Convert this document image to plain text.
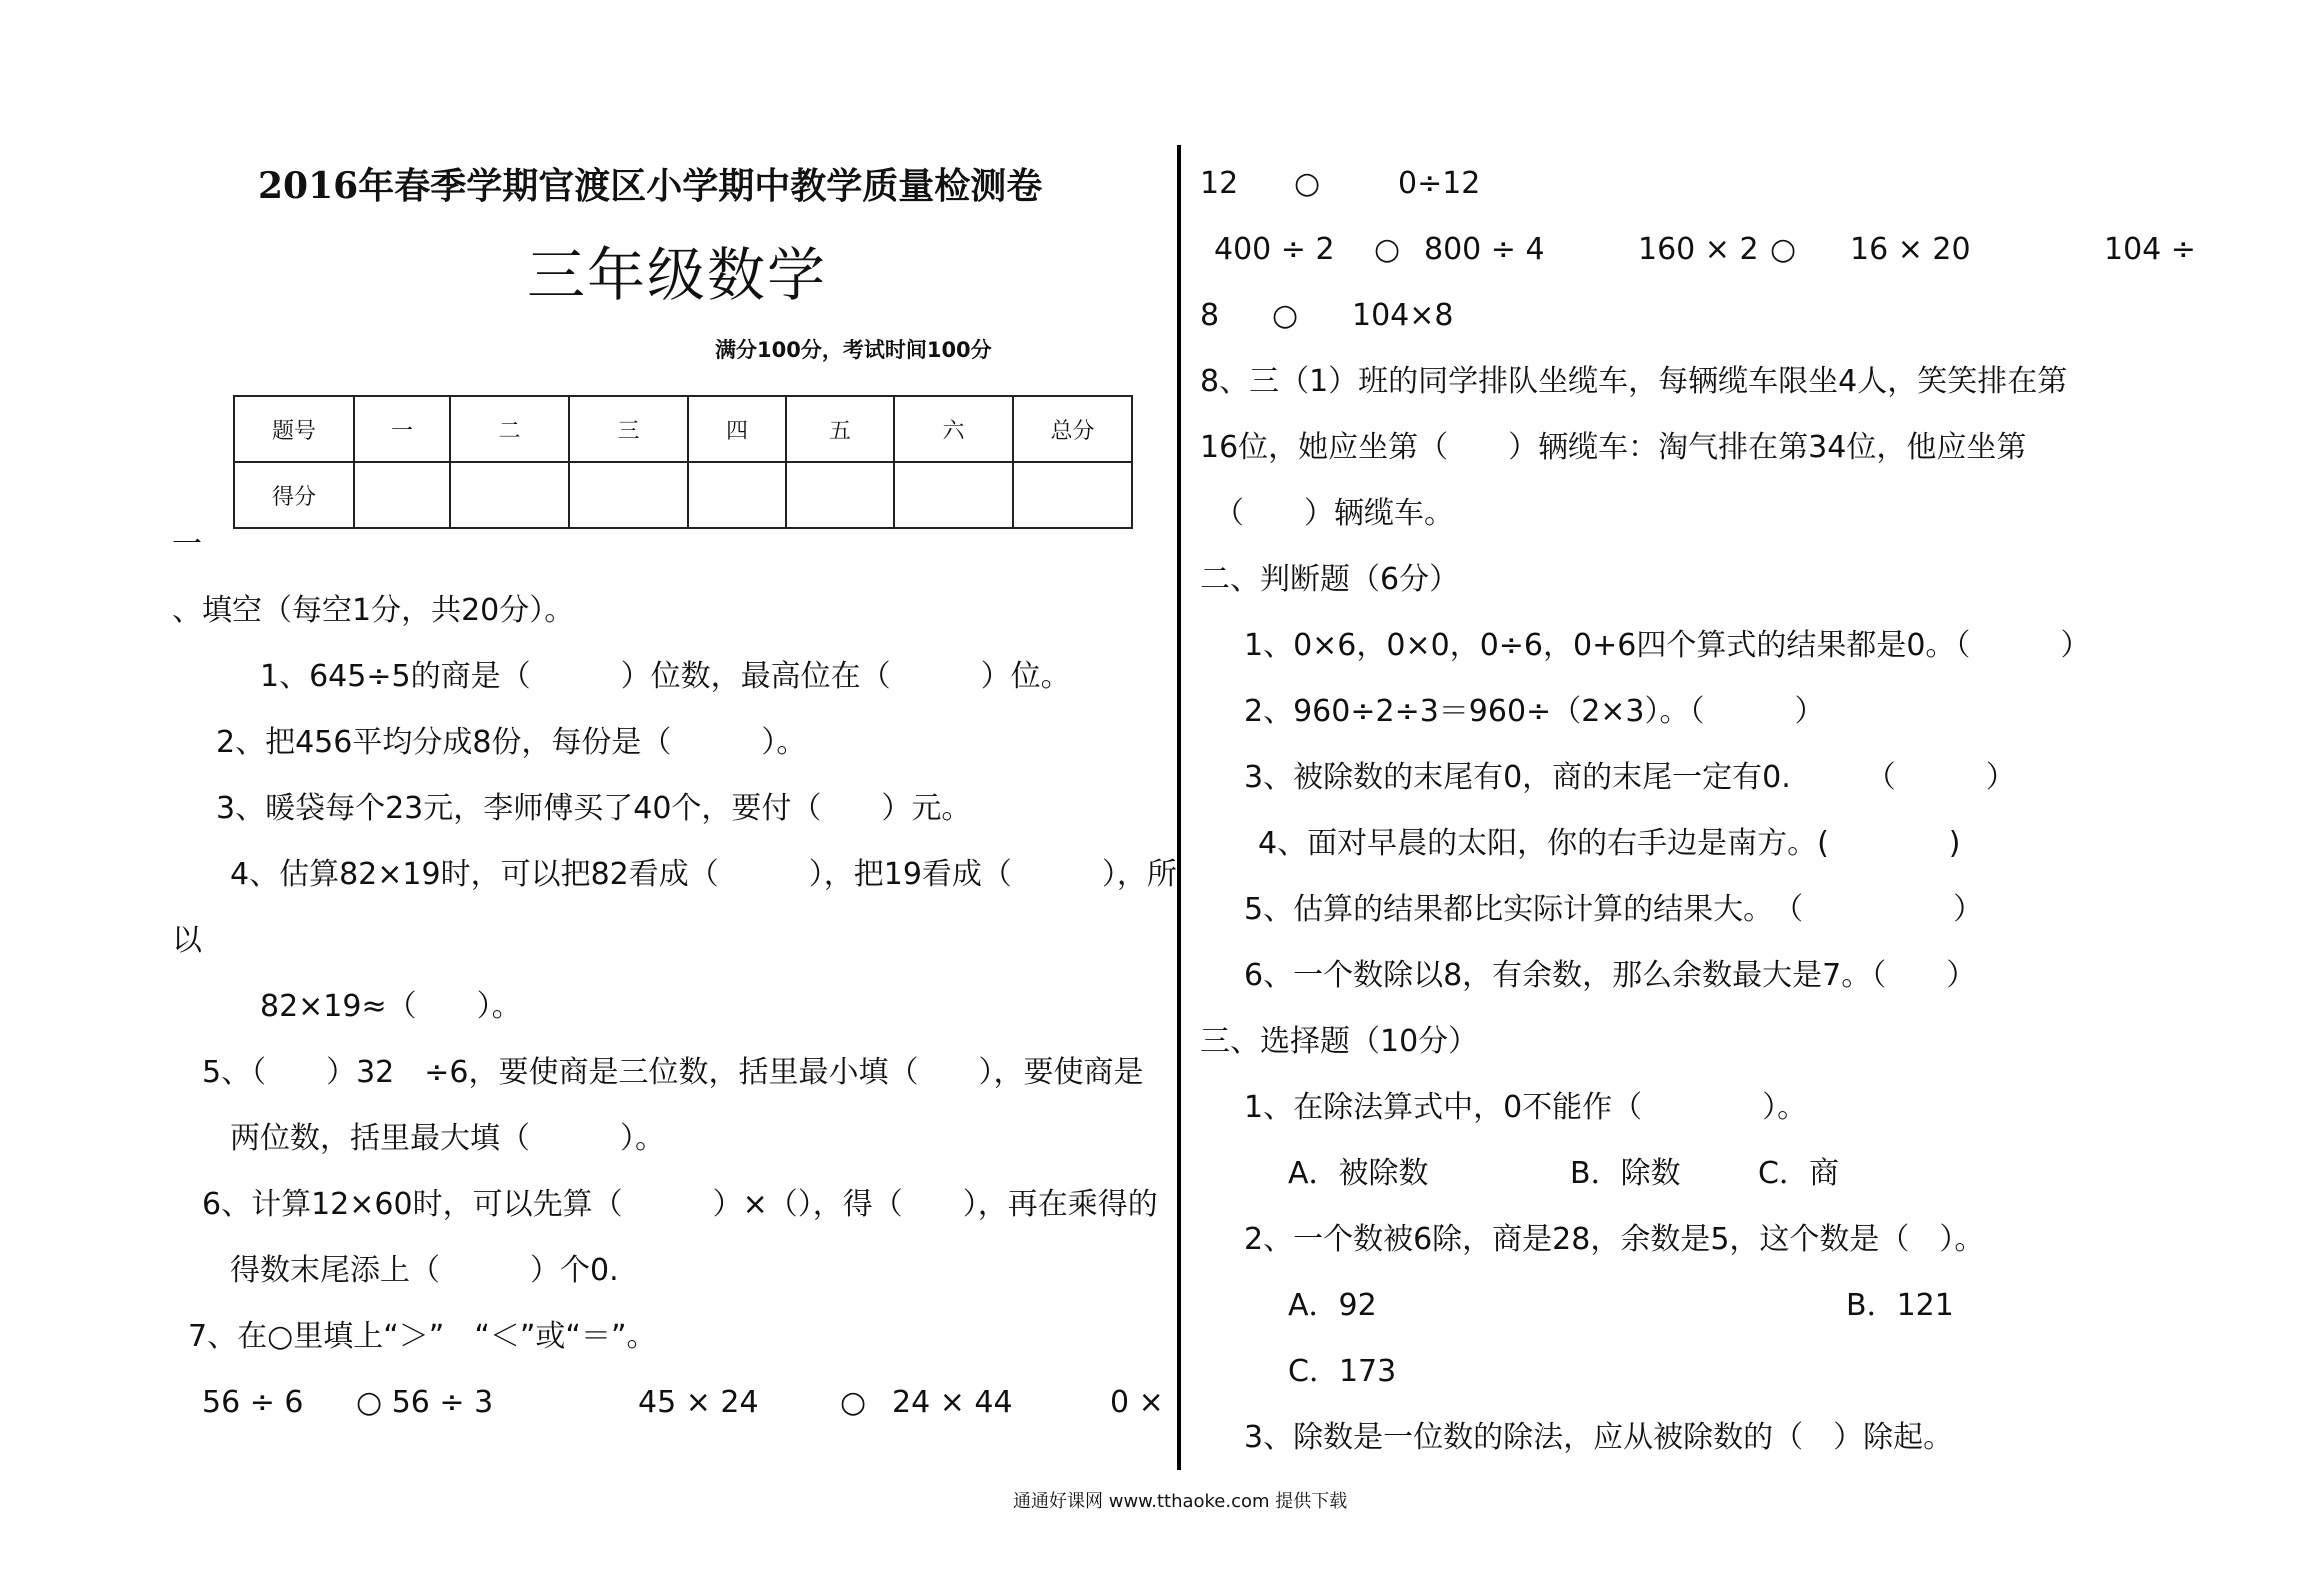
2016年春季学期官渡区小学期中教学质量检测卷
三年级数学
满分100分，考试时间100分
题号	一	二	三	四	五	六	总分
得分							
一
、填空（每空1分，共20分）。
1、645÷5的商是（　　　）位数，最高位在（　　　）位。
2、把456平均分成8份，每份是（　　　）。
3、暖袋每个23元，李师傅买了40个，要付（　　）元。
4、估算82×19时，可以把82看成（　　　），把19看成（　　　），所
以
82×19≈（　　）。
5、（　　）32　÷6，要使商是三位数，括里最小填（　　），要使商是
两位数，括里最大填（　　　）。
6、计算12×60时，可以先算（　　　）×（），得（　　），再在乘得的
得数末尾添上（　　　）个0.
7、在○里填上“＞”　“＜”或“＝”。
56 ÷ 6 ○ 56 ÷ 3	45 × 24	○ 24 × 44	0 ×
12 ○	0÷12
400 ÷ 2 ○ 800 ÷ 4	160 × 2 ○ 16 × 20	104 ÷
8 ○ 104×8
8、三（1）班的同学排队坐缆车，每辆缆车限坐4人，笑笑排在第
16位，她应坐第（　　）辆缆车：淘气排在第34位，他应坐第
（　　）辆缆车。
二、判断题（6分）
1、0×6，0×0，0÷6，0+6四个算式的结果都是0。（　　　）
2、960÷2÷3＝960÷（2×3）。（　　　）
3、被除数的末尾有0，商的末尾一定有0.　　　（　　　）
4、面对早晨的太阳，你的右手边是南方。(　　　　)
5、估算的结果都比实际计算的结果大。　（　　　　　）
6、一个数除以8，有余数，那么余数最大是7。（　　）
三、选择题（10分）
1、在除法算式中，0不能作（　　　　）。
A．被除数	B．除数	C．商
2、一个数被6除，商是28，余数是5，这个数是（　）。
A．92	B．121
C．173
3、除数是一位数的除法，应从被除数的（　）除起。
通通好课网 www.tthaoke.com 提供下载
